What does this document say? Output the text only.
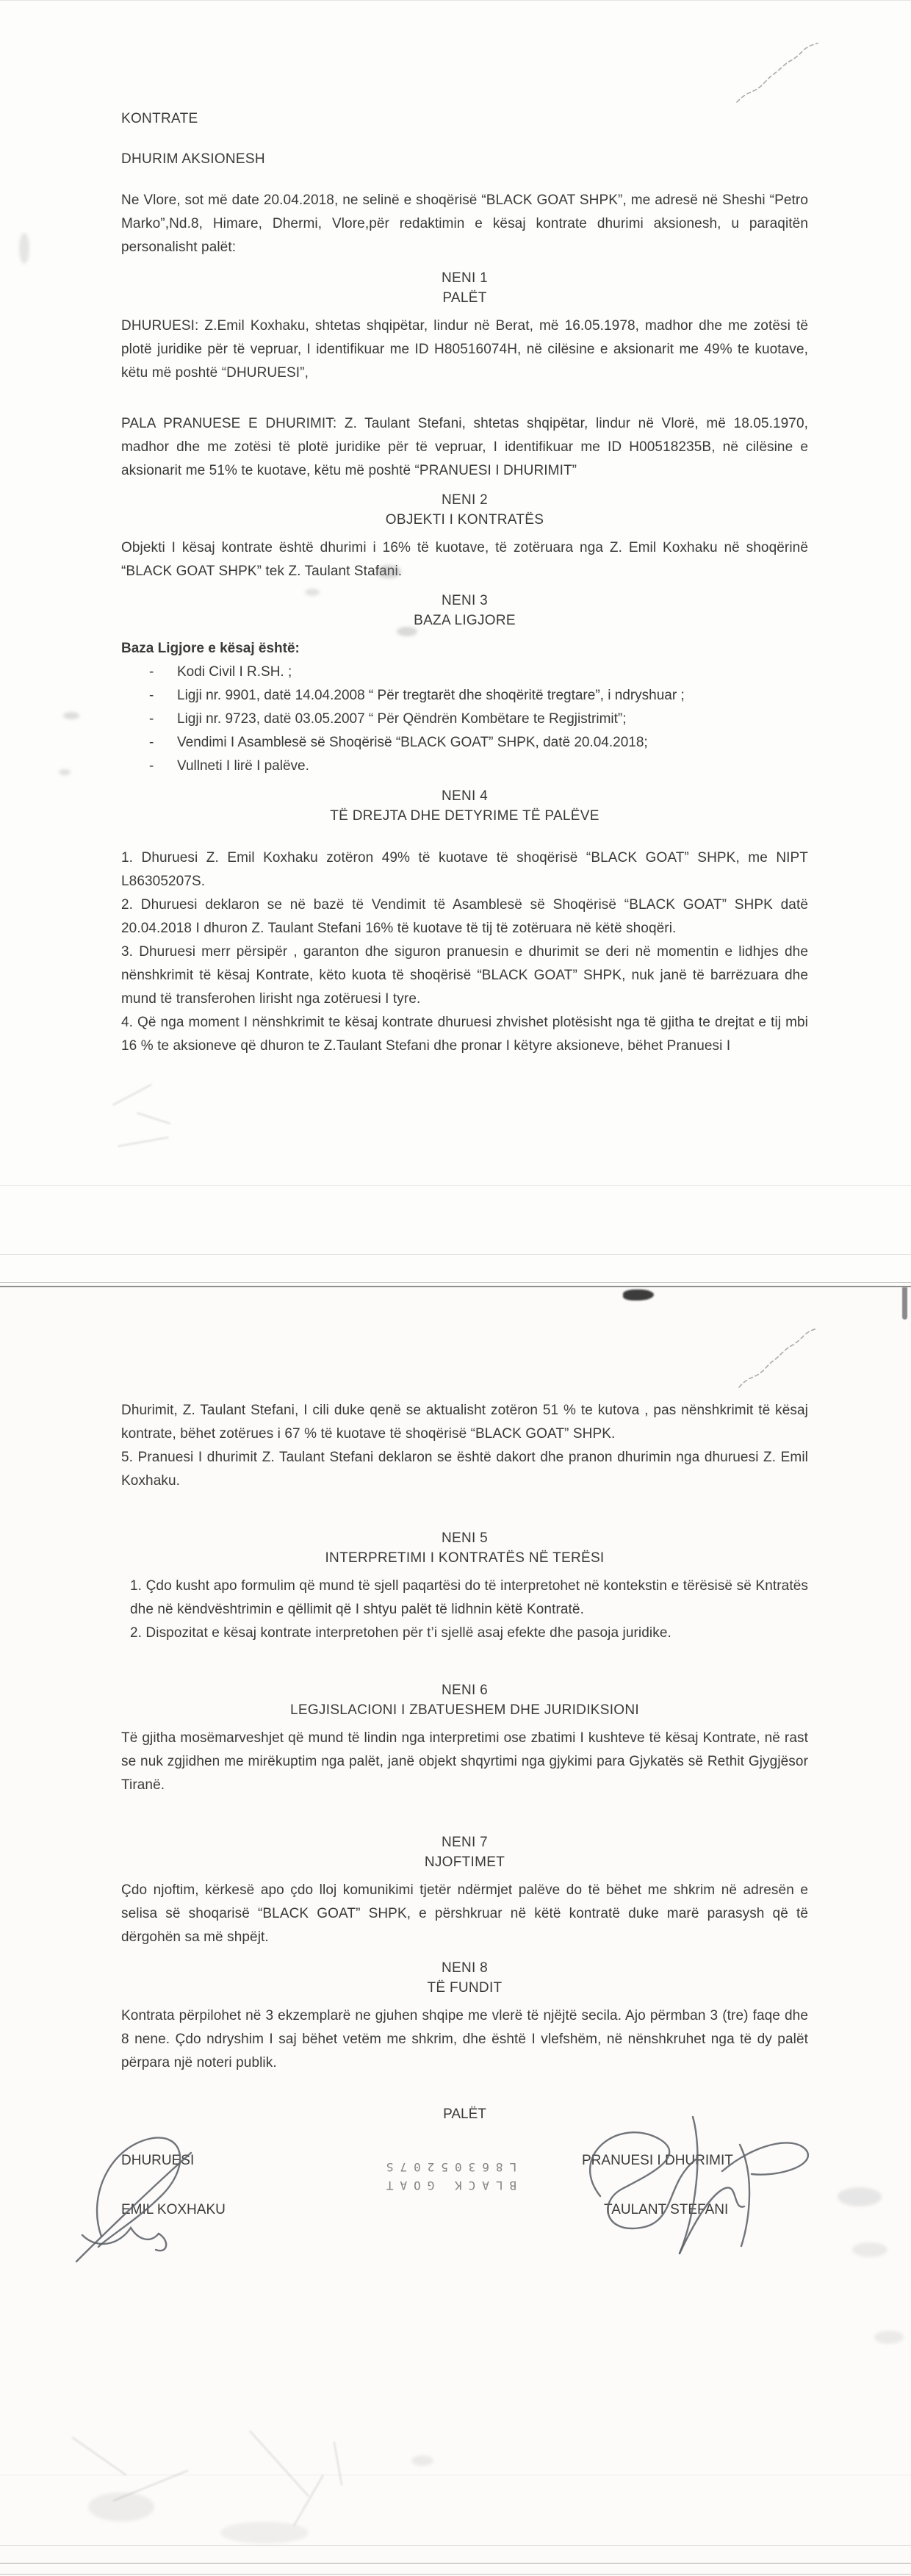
KONTRATE
DHURIM AKSIONESH

Ne Vlore, sot më date 20.04.2018, ne selinë e shoqërisë “BLACK GOAT SHPK”, me adresë në Sheshi “Petro Marko”,Nd.8, Himare, Dhermi, Vlore,për redaktimin e kësaj kontrate dhurimi aksionesh, u paraqitën personalisht palët:

NENI 1
PALËT

DHURUESI: Z.Emil Koxhaku, shtetas shqipëtar, lindur në Berat, më 16.05.1978, madhor dhe me zotësi të plotë juridike për të vepruar, I identifikuar me ID H80516074H, në cilësine e aksionarit me 49% te kuotave, këtu më poshtë “DHURUESI”,

PALA PRANUESE E DHURIMIT: Z. Taulant Stefani, shtetas shqipëtar, lindur në Vlorë, më 18.05.1970, madhor dhe me zotësi të plotë juridike për të vepruar, I identifikuar me ID H00518235B, në cilësine e aksionarit me 51% te kuotave, këtu më poshtë “PRANUESI I DHURIMIT”

NENI 2
OBJEKTI I KONTRATËS

Objekti I kësaj kontrate është dhurimi i 16% të kuotave, të zotëruara nga Z. Emil Koxhaku në shoqërinë “BLACK GOAT SHPK” tek Z. Taulant Stafani.

NENI 3
BAZA LIGJORE
Baza Ligjore e kësaj është:
- Kodi Civil I R.SH. ;
- Ligji nr. 9901, datë 14.04.2008 “ Për tregtarët dhe shoqëritë tregtare”, i ndryshuar ;
- Ligji nr. 9723, datë 03.05.2007 “ Për Qëndrën Kombëtare te Regjistrimit”;
- Vendimi I Asamblesë së Shoqërisë “BLACK GOAT” SHPK, datë 20.04.2018;
- Vullneti I lirë I palëve.
NENI 4
TË DREJTA DHE DETYRIME TË PALËVE

1. Dhuruesi Z. Emil Koxhaku zotëron 49% të kuotave të shoqërisë “BLACK GOAT” SHPK, me NIPT L86305207S.

2. Dhuruesi deklaron se në bazë të Vendimit të Asamblesë së Shoqërisë “BLACK GOAT” SHPK datë 20.04.2018 I dhuron Z. Taulant Stefani 16% të kuotave të tij të zotëruara në këtë shoqëri.

3. Dhuruesi merr përsipër , garanton dhe siguron pranuesin e dhurimit se deri në momentin e lidhjes dhe nënshkrimit të kësaj Kontrate, këto kuota të shoqërisë “BLACK GOAT” SHPK, nuk janë të barrëzuara dhe mund të transferohen lirisht nga zotëruesi I tyre.

4. Që nga moment I nënshkrimit te kësaj kontrate dhuruesi zhvishet plotësisht nga të gjitha te drejtat e tij mbi 16 % te aksioneve që dhuron te Z.Taulant Stefani dhe pronar I këtyre aksioneve, bëhet Pranuesi I

Dhurimit, Z. Taulant Stefani, I cili duke qenë se aktualisht zotëron 51 % te kutova , pas nënshkrimit të kësaj kontrate, bëhet zotërues i 67 % të kuotave të shoqërisë “BLACK GOAT” SHPK.

5. Pranuesi I dhurimit Z. Taulant Stefani deklaron se është dakort dhe pranon dhurimin nga dhuruesi Z. Emil Koxhaku.

NENI 5
INTERPRETIMI I KONTRATËS NË TERËSI

1. Çdo kusht apo formulim që mund të sjell paqartësi do të interpretohet në kontekstin e tërësisë së Kntratës dhe në këndvështrimin e qëllimit që I shtyu palët të lidhnin këtë Kontratë.

2. Dispozitat e kësaj kontrate interpretohen për t’i sjellë asaj efekte dhe pasoja juridike.

NENI 6
LEGJISLACIONI I ZBATUESHEM DHE JURIDIKSIONI

Të gjitha mosëmarveshjet që mund të lindin nga interpretimi ose zbatimi I kushteve të kësaj Kontrate, në rast se nuk zgjidhen me mirëkuptim nga palët, janë objekt shqyrtimi nga gjykimi para Gjykatës së Rethit Gjygjësor Tiranë.

NENI 7
NJOFTIMET

Çdo njoftim, kërkesë apo çdo lloj komunikimi tjetër ndërmjet palëve do të bëhet me shkrim në adresën e selisa së shoqarisë “BLACK GOAT” SHPK, e përshkruar në këtë kontratë duke marë parasysh që të dërgohën sa më shpëjt.

NENI 8
TË FUNDIT

Kontrata përpilohet në 3 ekzemplarë ne gjuhen shqipe me vlerë të njëjtë secila. Ajo përmban 3 (tre) faqe dhe 8 nene. Çdo ndryshim I saj bëhet vetëm me shkrim, dhe është I vlefshëm, në nënshkruhet nga të dy palët përpara një noteri publik.

PALËT
DHURUESI	PRANUESI I DHURIMIT
EMIL KOXHAKU	TAULANT STEFANI
BLACK GOAT
L86305207S
